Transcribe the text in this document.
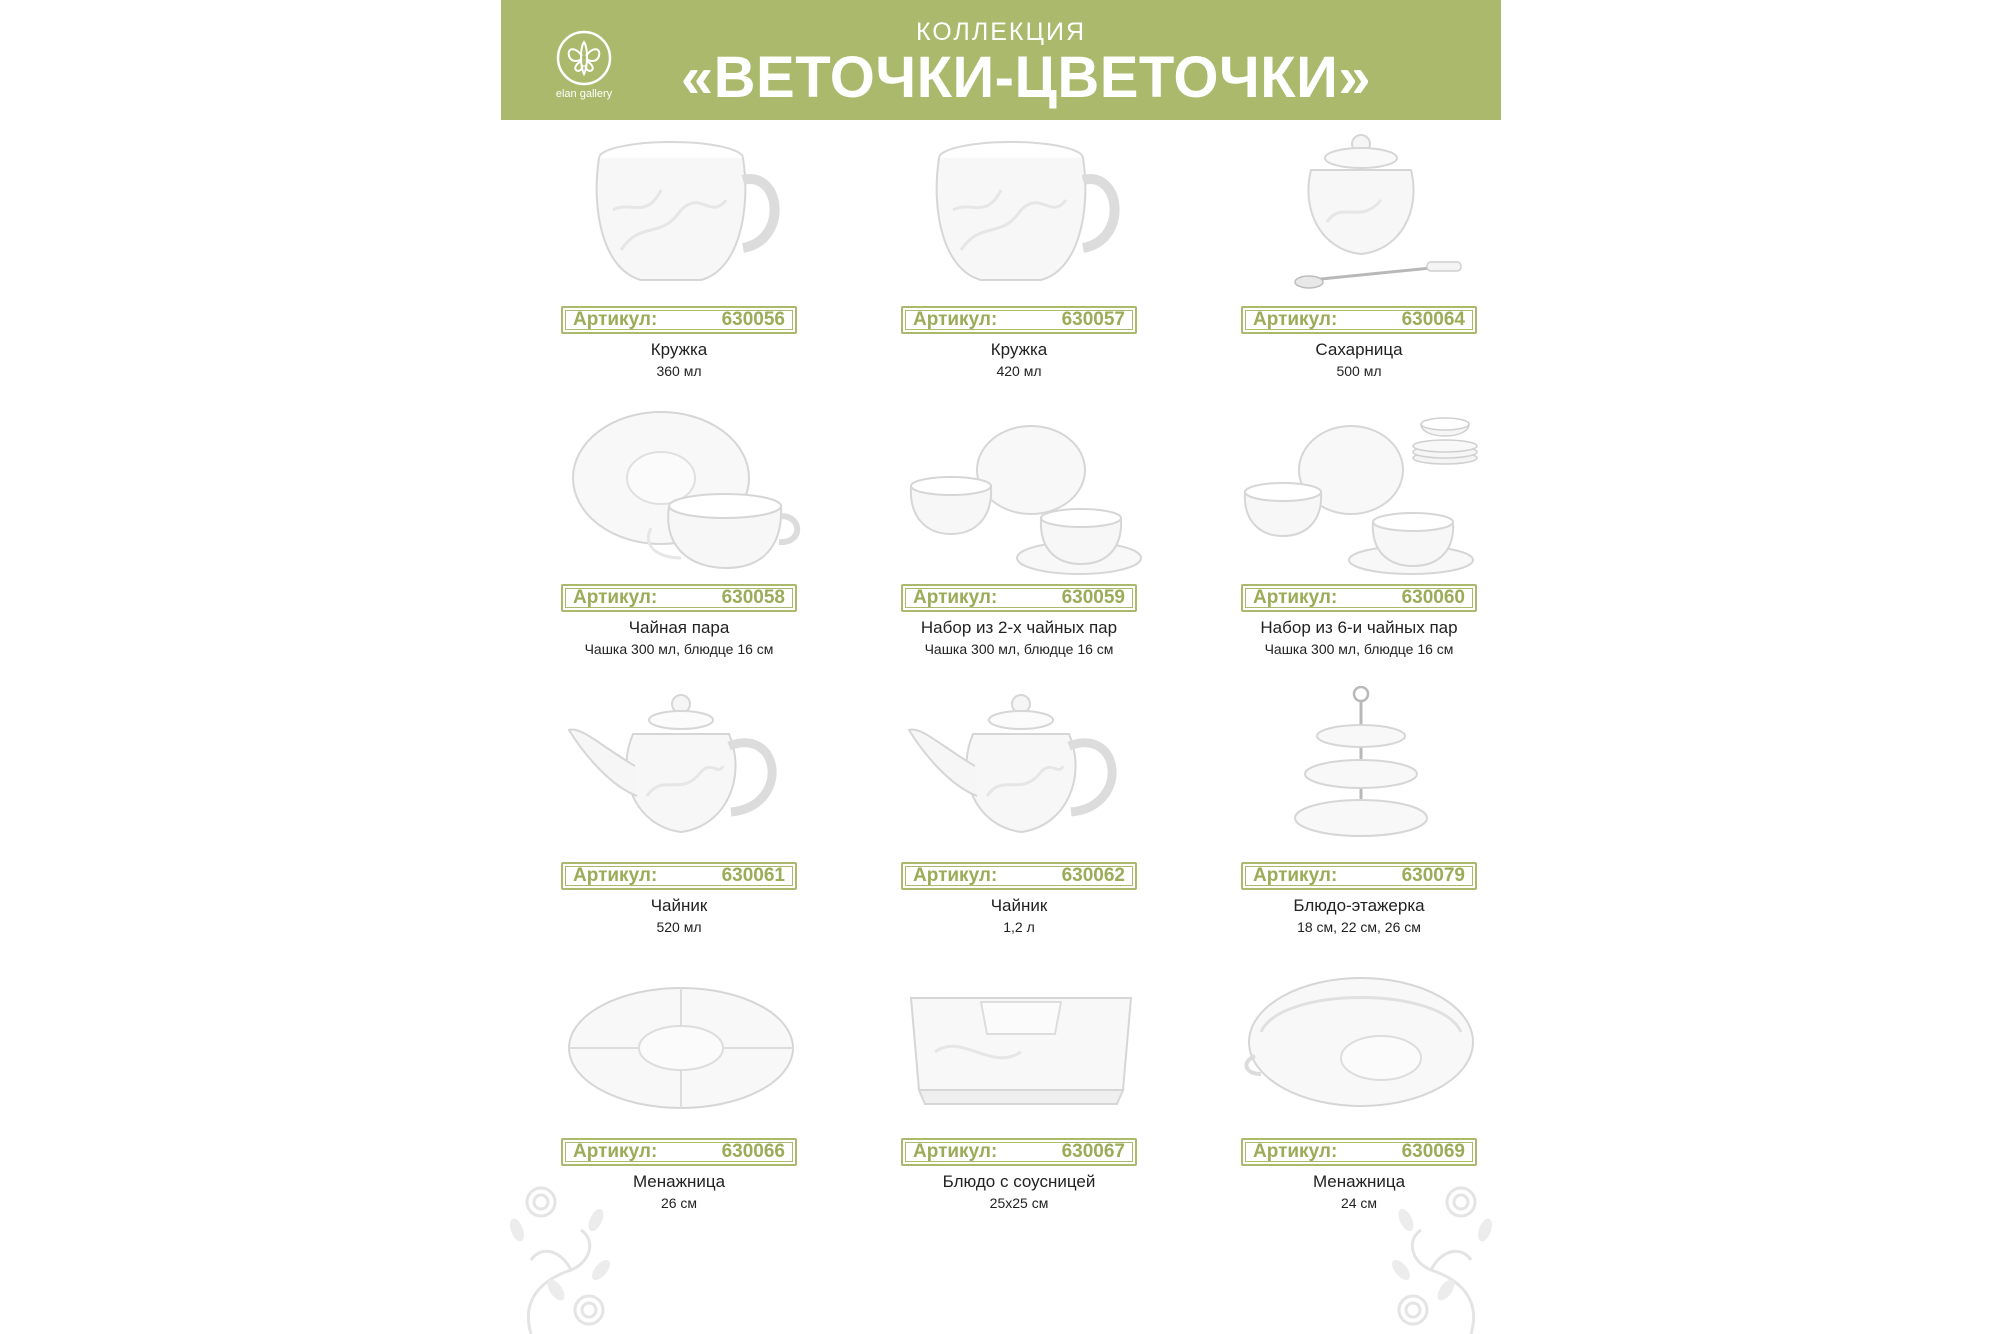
elan gallery
КОЛЛЕКЦИЯ
«ВЕТОЧКИ-ЦВЕТОЧКИ»
Артикул:	630056
Кружка
360 мл
Артикул:	630057
Кружка
420 мл
Артикул:	630064
Сахарница
500 мл
Артикул:	630058
Чайная пара
Чашка 300 мл, блюдце 16 см
Артикул:	630059
Набор из 2-х чайных пар
Чашка 300 мл, блюдце 16 см
Артикул:	630060
Набор из 6-и чайных пар
Чашка 300 мл, блюдце 16 см
Артикул:	630061
Чайник
520 мл
Артикул:	630062
Чайник
1,2 л
Артикул:	630079
Блюдо-этажерка
18 см, 22 см, 26 см
Артикул:	630066
Менажница
26 см
Артикул:	630067
Блюдо с соусницей
25x25 см
Артикул:	630069
Менажница
24 см
